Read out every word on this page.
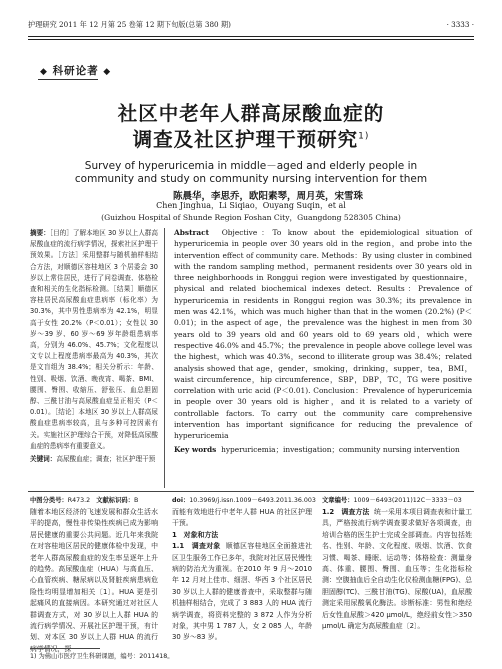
护理研究 2011 年 12 月第 25 卷第 12 期下旬版(总第 380 期)	· 3333 ·
◆ 科研论著 ◆
社区中老年人群高尿酸血症的
调查及社区护理干预研究$^{1)}$
Survey of hyperuricemia in middle－aged and elderly people in
community and study on community nursing intervention for them
陈晨华，李思乔，欧阳素琴，周月英，宋雪珠
Chen Jinghua，Li Siqiao，Ouyang Suqin，et al
(Guizhou Hospital of Shunde Region Foshan City，Guangdong 528305 China)
摘要：［目的］了解本地区 30 岁以上人群高尿酸血症的流行病学情况，探索社区护理干预效果。［方法］采用整群与随机抽样相结合方法，对顺德区容桂地区 3 个居委会 30 岁以上常住居民，进行了问卷调查、体格检查和相关的生化指标检测。［结果］顺德区容桂居民高尿酸血症患病率（标化率）为 30.3%，其中男性患病率为 42.1%，明显高于女性 20.2%（P＜0.01）；女性以 30 岁～39 岁、60 岁～69 岁年龄组患病率高，分别为 46.0%、45.7%；文化程度以文专以上程度患病率最高为 40.3%，其次是文盲组为 38.4%；相关分析示：年龄、性别、吸烟、饮酒、晚夜宵、喝茶、BMI、腰围、臀围、收缩压、舒张压、血总胆固醇、三酰甘油与高尿酸血症呈正相关（P＜0.01）。［结论］本地区 30 岁以上人群高尿酸血症患病率较高，且与多种可控因素有关。实施社区护理综合干预，对降低高尿酸血症的患病率有重要意义。
关键词：高尿酸血症；调查；社区护理干预
Abstract Objective：To know about the epidemiological situation of hyperuricemia in people over 30 years old in the region，and probe into the intervention effect of community care. Methods：By using cluster in combined with the random sampling method，permanent residents over 30 years old in three neighborhoods in Ronggui region were investigated by questionnaire，physical and related biochemical indexes detect. Results：Prevalence of hyperuricemia in residents in Ronggui region was 30.3%；its prevalence in men was 42.1%，which was much higher than that in the women (20.2%) (P＜0.01)；in the aspect of age，the prevalence was the highest in men from 30 years old to 39 years old and 60 years old to 69 years old，which were respective 46.0% and 45.7%；the prevalence in people above college level was the highest，which was 40.3%，second to illiterate group was 38.4%；related analysis showed that age，gender，smoking，drinking，supper，tea，BMI，waist circumference，hip circumference，SBP，DBP，TC，TG were positive correlation with uric acid (P＜0.01). Conclusion：Prevalence of hyperuricemia in people over 30 years old is higher，and it is related to a variety of controllable factors. To carry out the community care comprehensive intervention has important significance for reducing the prevalence of hyperuricemia
Key words hyperuricemia；investigation；community nursing intervention
中图分类号：R473.2 文献标识码：B	doi：10.3969/j.issn.1009－6493.2011.36.003 文章编号：1009－6493(2011)12C－3333－03
随着本地区经济的飞速发展和群众生活水平的提高，慢性非传染性疾病已成为影响居民健康的重要公共问题。近几年来我院在对容桂地区居民的健康体检中发现，中老年人群高尿酸血症的发生率呈逐年上升的趋势。高尿酸血症（HUA）与高血压、心血管疾病、糖尿病以及肾脏疾病患病危险性均明显增加相关〔1〕。HUA 更是引起痛风的直接病因。本研究通过对社区人群调查方式，对 30 岁以上人群 HUA 的流行病学情况、开展社区护理干预，有计划、对本区 30 岁以上人群 HUA 的流行病学情况，探
而能有效地进行中老年人群 HUA 的社区护理干预。
1　对象和方法
1.1　调查对象 顺德区容桂地区全面推进社区卫生服务工作已多年，我院对社区居民慢性病的防治尤为重视。在2010 年 9 月～2010 年 12 月对上佳市、细滘、华西 3 个社区居民 30 岁以上人群的健康普查中，采取整群与随机抽样相结合，完成了 3 883 人的 HUA 流行病学调查，将资料完整的 3 872 人作为分析对象，其中男 1 787 人，女 2 085 人，年龄 30 岁～83 岁。
1.2　调查方法 统一采用本项目调查表和计量工具，严格按流行病学调查要求做好各项调查，由培训合格的医生护士完成全部调查。内容包括姓名、性别、年龄、文化程度、吸烟、饮酒、饮食习惯、喝茶、睡眠、运动等；体格检查：测量身高、体重、腰围、臀围、血压等；生化指标检测：空腹抽血后全自动生化仪检测血糖(FPG)、总胆固醇(TC)、三酰甘油(TG)、尿酸(UA)，血尿酸测定采用尿酸氧化酶法。诊断标准：男性和绝经后女性血尿酸＞420 μmol/L，绝经前女性＞350 μmol/L 确定为高尿酸血症〔2〕。
1) 为佛山市医疗卫生科研课题，编号：2011418。
